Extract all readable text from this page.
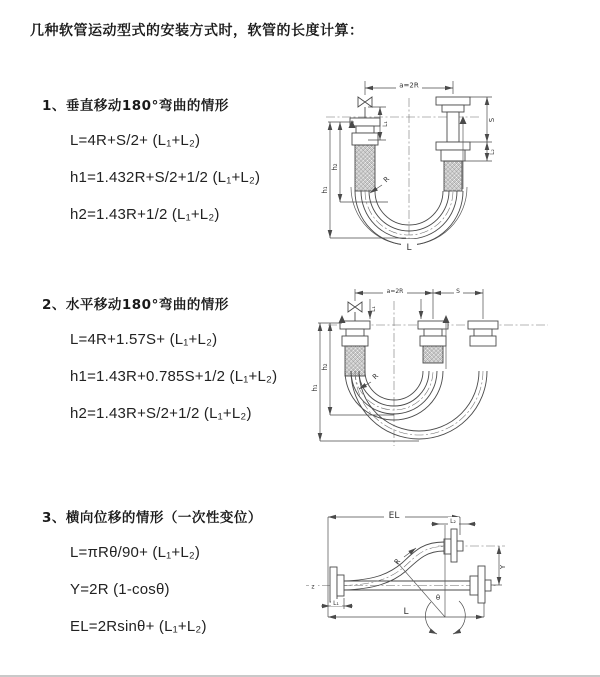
几种软管运动型式的安装方式时，软管的长度计算：

1、垂直移动180°弯曲的情形

L=4R+S/2+ (L₁+L₂)

h1=1.432R+S/2+1/2 (L₁+L₂)

h2=1.43R+1/2 (L₁+L₂)

2、水平移动180°弯曲的情形

L=4R+1.57S+ (L₁+L₂)

h1=1.43R+0.785S+1/2 (L₁+L₂)

h2=1.43R+S/2+1/2 (L₁+L₂)

3、横向位移的情形（一次性变位）

L=πRθ/90+ (L₁+L₂)

Y=2R (1-cosθ)

EL=2Rsinθ+ (L₁+L₂)

a=2R
L
R
h₁
h₂
L₁
S
L₂
a=2R	S
h₁
h₂
R
L₁
EL
L₂
Y
R
θ
z
L₁
L
